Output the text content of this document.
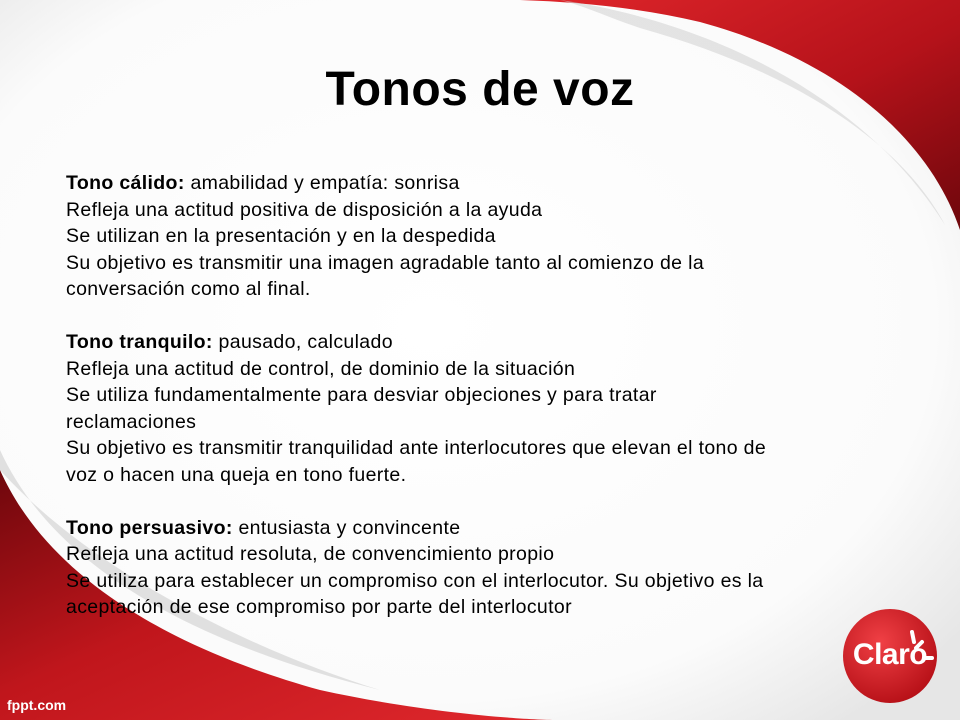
Tonos de voz
Tono cálido: amabilidad y empatía: sonrisa
Refleja una actitud positiva de disposición a la ayuda
Se utilizan en la presentación y en la despedida
Su objetivo es transmitir una imagen agradable tanto al comienzo de la
conversación como al final.
Tono tranquilo: pausado, calculado
Refleja una actitud de control, de dominio de la situación
Se utiliza fundamentalmente para desviar objeciones y para tratar
reclamaciones
Su objetivo es transmitir tranquilidad ante interlocutores que elevan el tono de
voz o hacen una queja en tono fuerte.
Tono persuasivo: entusiasta y convincente
Refleja una actitud resoluta, de convencimiento propio
Se utiliza para establecer un compromiso con el interlocutor. Su objetivo es la
aceptación de ese compromiso por parte del interlocutor
Claro
fppt.com
